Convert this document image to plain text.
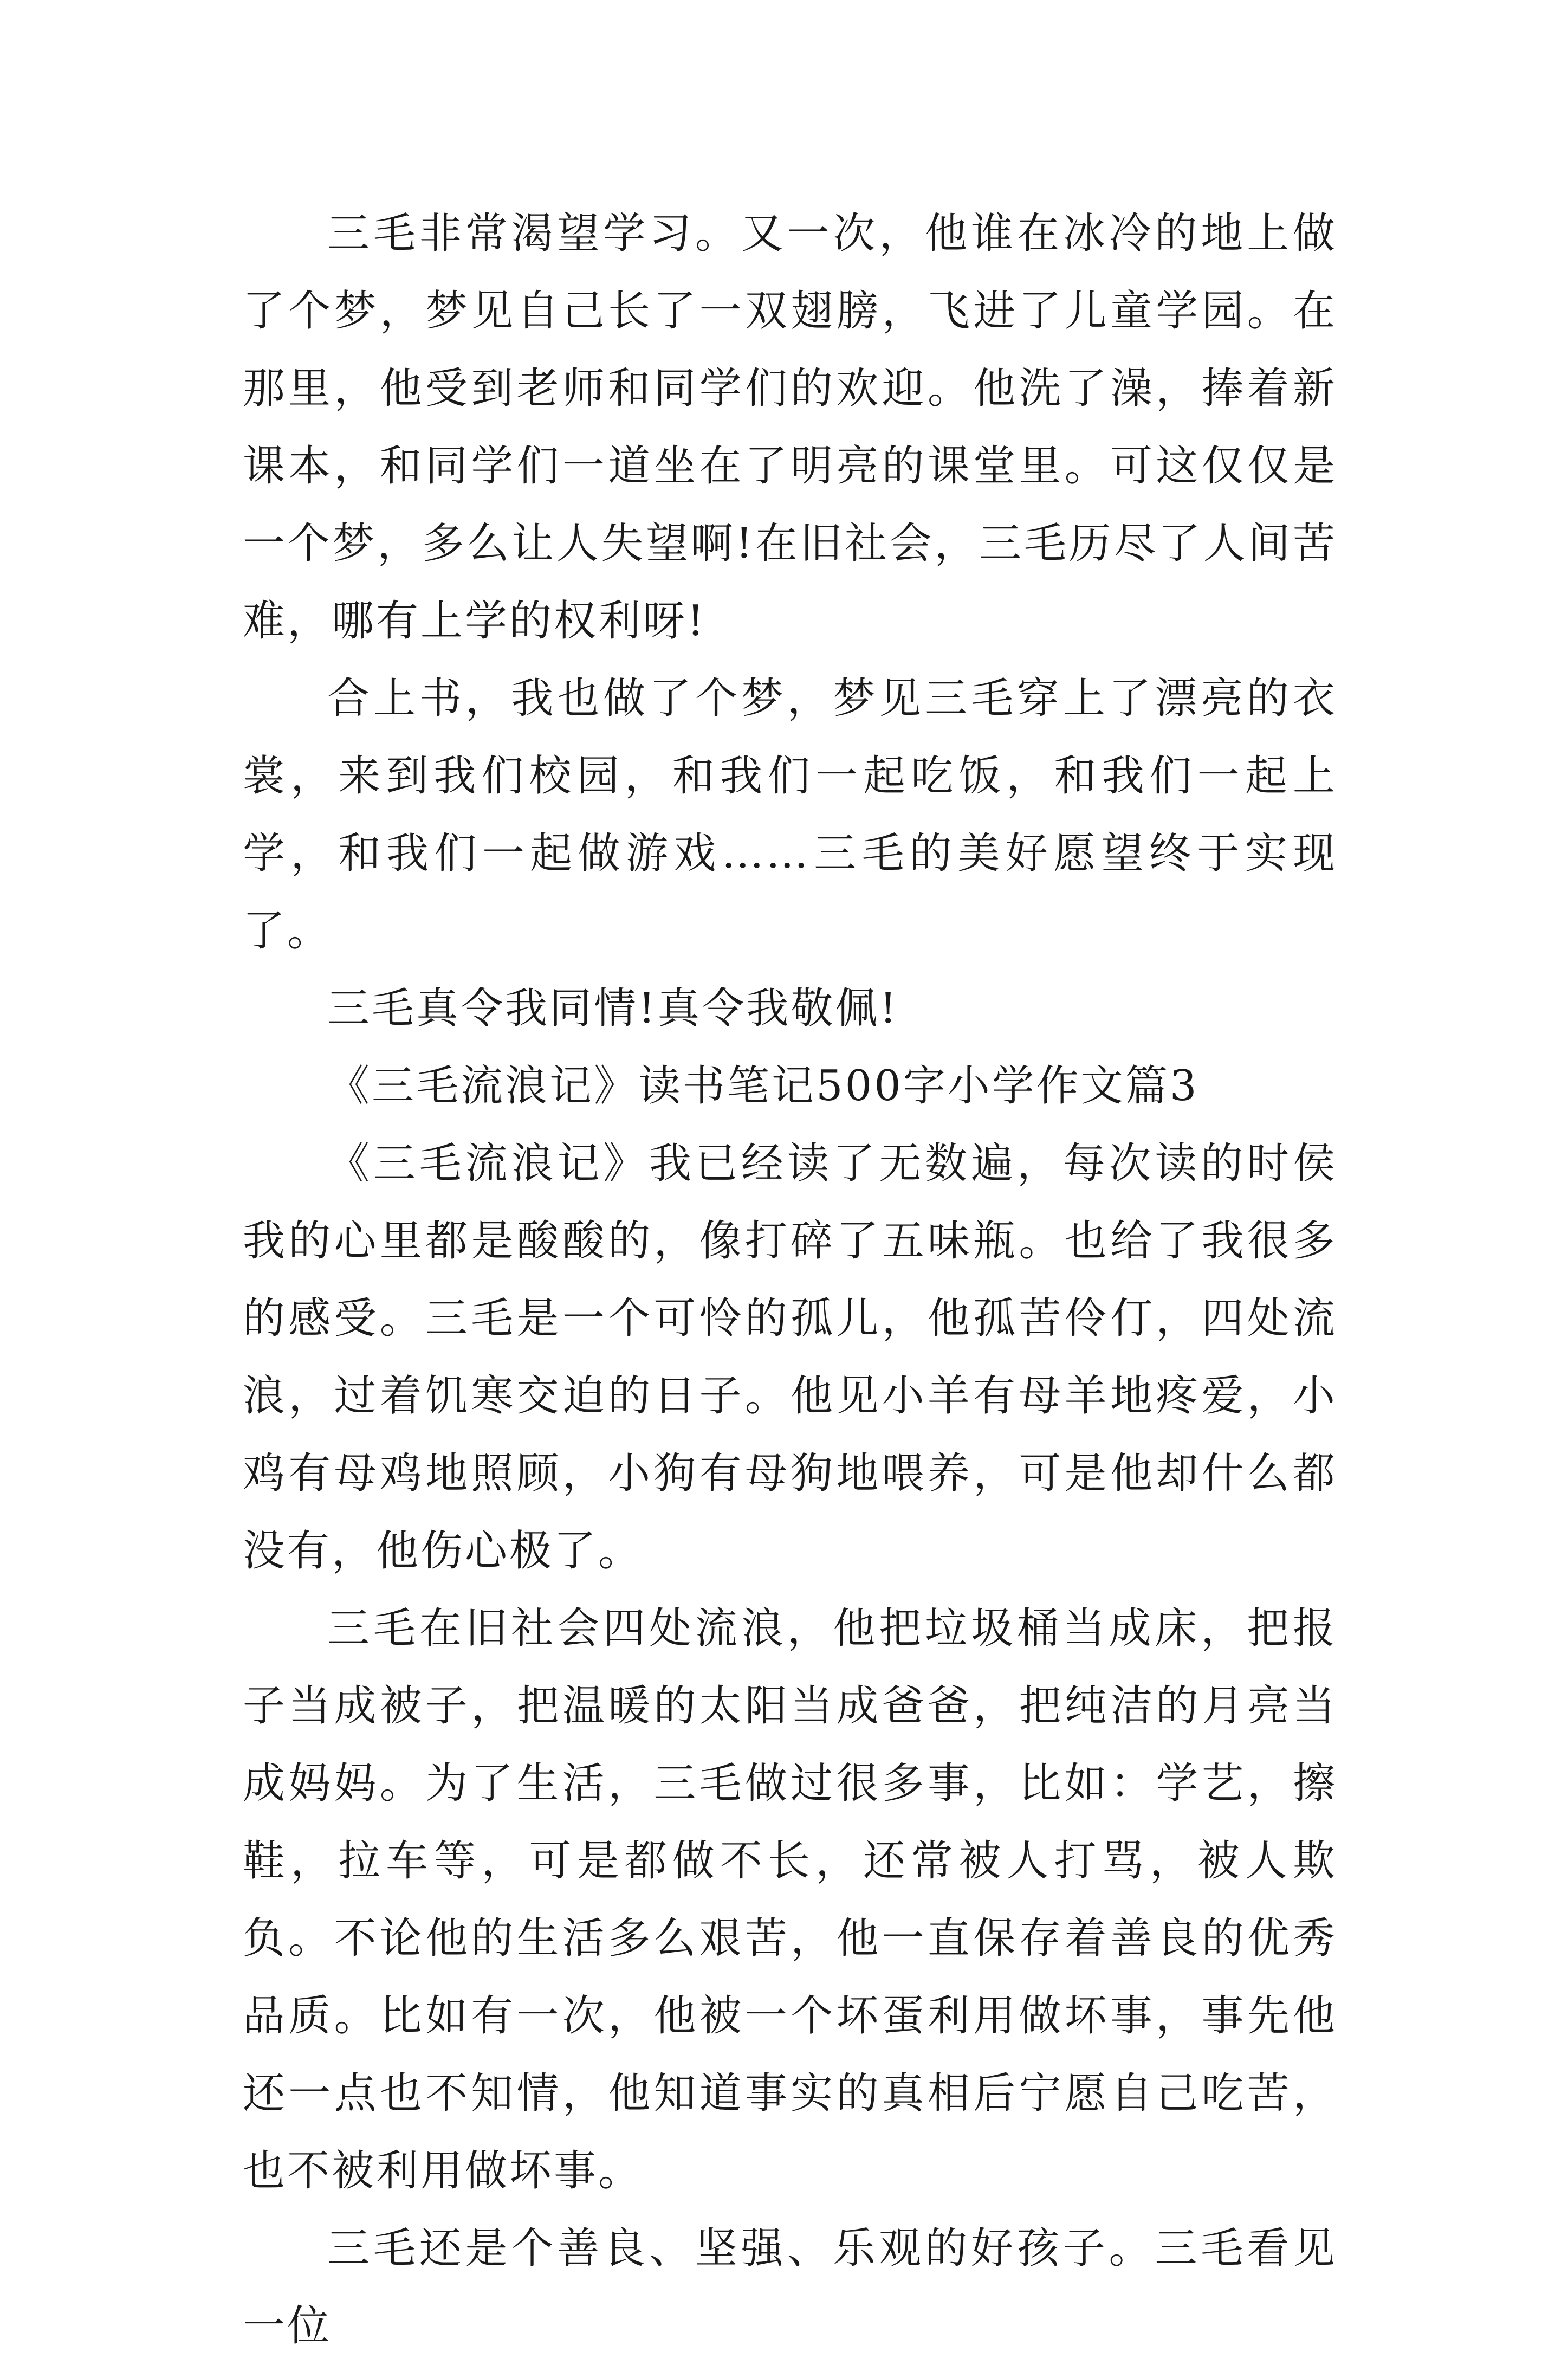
三毛非常渴望学习。又一次，他谁在冰冷的地上做了个梦，梦见自己长了一双翅膀，飞进了儿童学园。在那里，他受到老师和同学们的欢迎。他洗了澡，捧着新课本，和同学们一道坐在了明亮的课堂里。可这仅仅是一个梦，多么让人失望啊!在旧社会，三毛历尽了人间苦难，哪有上学的权利呀!

合上书，我也做了个梦，梦见三毛穿上了漂亮的衣裳，来到我们校园，和我们一起吃饭，和我们一起上学，和我们一起做游戏……三毛的美好愿望终于实现了。

三毛真令我同情!真令我敬佩!

《三毛流浪记》读书笔记500字小学作文篇3

《三毛流浪记》我已经读了无数遍，每次读的时侯我的心里都是酸酸的，像打碎了五味瓶。也给了我很多的感受。三毛是一个可怜的孤儿，他孤苦伶仃，四处流浪，过着饥寒交迫的日子。他见小羊有母羊地疼爱，小鸡有母鸡地照顾，小狗有母狗地喂养，可是他却什么都没有，他伤心极了。

三毛在旧社会四处流浪，他把垃圾桶当成床，把报子当成被子，把温暖的太阳当成爸爸，把纯洁的月亮当成妈妈。为了生活，三毛做过很多事，比如：学艺，擦鞋，拉车等，可是都做不长，还常被人打骂，被人欺负。不论他的生活多么艰苦，他一直保存着善良的优秀品质。比如有一次，他被一个坏蛋利用做坏事，事先他还一点也不知情，他知道事实的真相后宁愿自己吃苦，也不被利用做坏事。

三毛还是个善良、坚强、乐观的好孩子。三毛看见一位
